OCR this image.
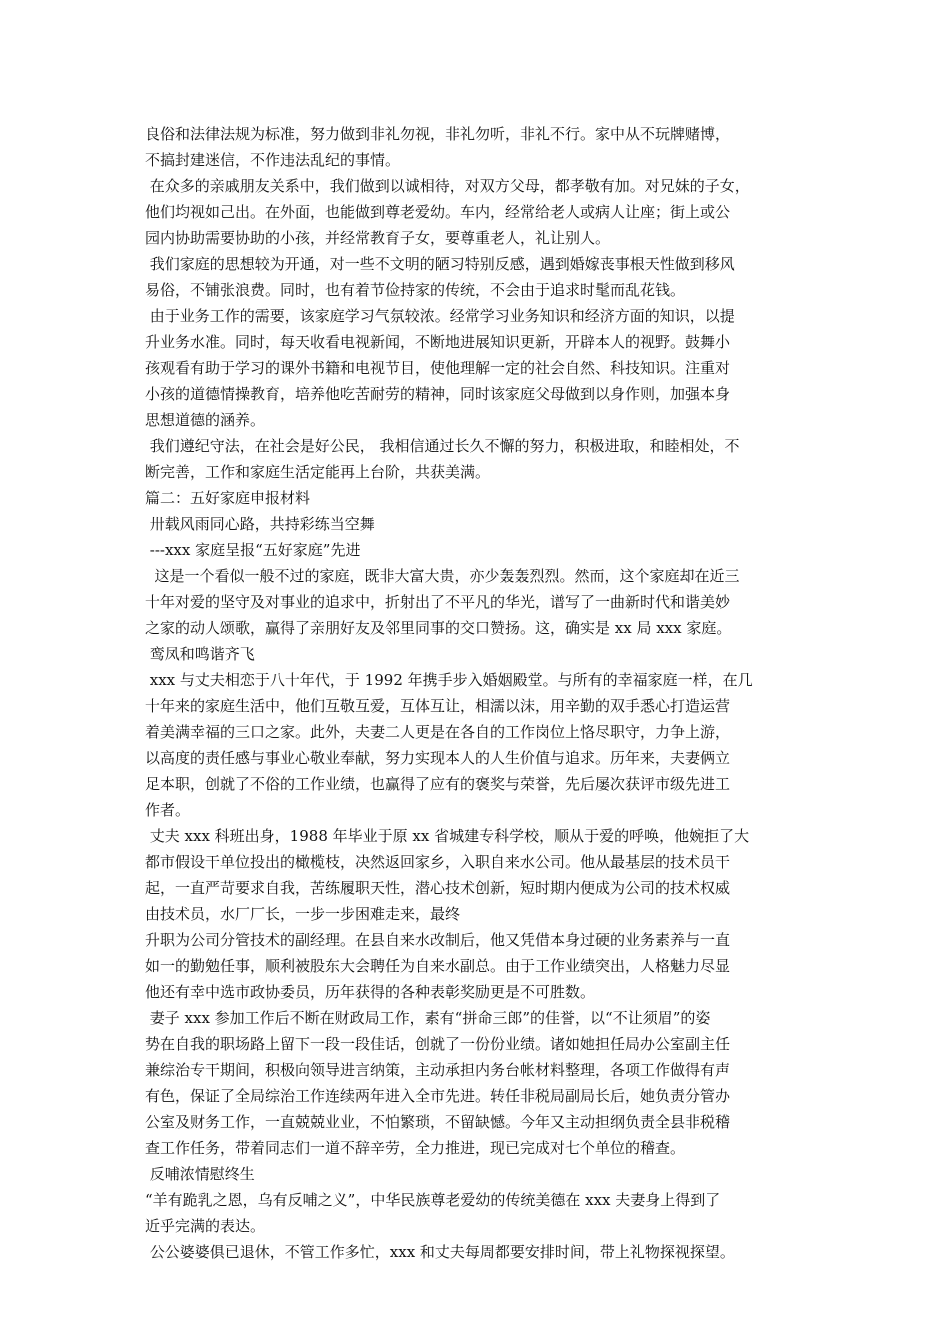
良俗和法律法规为标准，努力做到非礼勿视，非礼勿听，非礼不行。家中从不玩牌赌博，
不搞封建迷信，不作违法乱纪的事情。
在众多的亲戚朋友关系中，我们做到以诚相待，对双方父母，都孝敬有加。对兄妹的子女，
他们均视如己出。在外面，也能做到尊老爱幼。车内，经常给老人或病人让座；街上或公
园内协助需要协助的小孩，并经常教育子女，要尊重老人，礼让别人。
我们家庭的思想较为开通，对一些不文明的陋习特别反感，遇到婚嫁丧事根天性做到移风
易俗，不铺张浪费。同时，也有着节俭持家的传统，不会由于追求时髦而乱花钱。
由于业务工作的需要，该家庭学习气氛较浓。经常学习业务知识和经济方面的知识，以提
升业务水准。同时，每天收看电视新闻，不断地进展知识更新，开辟本人的视野。鼓舞小
孩观看有助于学习的课外书籍和电视节目，使他理解一定的社会自然、科技知识。注重对
小孩的道德情操教育，培养他吃苦耐劳的精神，同时该家庭父母做到以身作则，加强本身
思想道德的涵养。
我们遵纪守法，在社会是好公民， 我相信通过长久不懈的努力，积极进取，和睦相处，不
断完善，工作和家庭生活定能再上台阶，共获美满。
篇二：五好家庭申报材料
卅载风雨同心路，共持彩练当空舞
---xxx 家庭呈报“五好家庭”先进
这是一个看似一般不过的家庭，既非大富大贵，亦少轰轰烈烈。然而，这个家庭却在近三
十年对爱的坚守及对事业的追求中，折射出了不平凡的华光，谱写了一曲新时代和谐美妙
之家的动人颂歌，赢得了亲朋好友及邻里同事的交口赞扬。这，确实是 xx 局 xxx 家庭。
鸾凤和鸣谐齐飞
xxx 与丈夫相恋于八十年代，于 1992 年携手步入婚姻殿堂。与所有的幸福家庭一样，在几
十年来的家庭生活中，他们互敬互爱，互体互让，相濡以沫，用辛勤的双手悉心打造运营
着美满幸福的三口之家。此外，夫妻二人更是在各自的工作岗位上恪尽职守，力争上游，
以高度的责任感与事业心敬业奉献，努力实现本人的人生价值与追求。历年来，夫妻俩立
足本职，创就了不俗的工作业绩，也赢得了应有的褒奖与荣誉，先后屡次获评市级先进工
作者。
丈夫 xxx 科班出身，1988 年毕业于原 xx 省城建专科学校，顺从于爱的呼唤，他婉拒了大
都市假设干单位投出的橄榄枝，决然返回家乡，入职自来水公司。他从最基层的技术员干
起，一直严苛要求自我，苦练履职天性，潜心技术创新，短时期内便成为公司的技术权威
由技术员，水厂厂长，一步一步困难走来，最终
升职为公司分管技术的副经理。在县自来水改制后，他又凭借本身过硬的业务素养与一直
如一的勤勉任事，顺利被股东大会聘任为自来水副总。由于工作业绩突出，人格魅力尽显
他还有幸中选市政协委员，历年获得的各种表彰奖励更是不可胜数。
妻子 xxx 参加工作后不断在财政局工作，素有“拼命三郎”的佳誉，以“不让须眉”的姿
势在自我的职场路上留下一段一段佳话，创就了一份份业绩。诸如她担任局办公室副主任
兼综治专干期间，积极向领导进言纳策，主动承担内务台帐材料整理，各项工作做得有声
有色，保证了全局综治工作连续两年进入全市先进。转任非税局副局长后，她负责分管办
公室及财务工作，一直兢兢业业，不怕繁琐，不留缺憾。今年又主动担纲负责全县非税稽
查工作任务，带着同志们一道不辞辛劳，全力推进，现已完成对七个单位的稽查。
反哺浓情慰终生
“羊有跪乳之恩，乌有反哺之义”，中华民族尊老爱幼的传统美德在 xxx 夫妻身上得到了
近乎完满的表达。
公公婆婆俱已退休，不管工作多忙，xxx 和丈夫每周都要安排时间，带上礼物探视探望。
